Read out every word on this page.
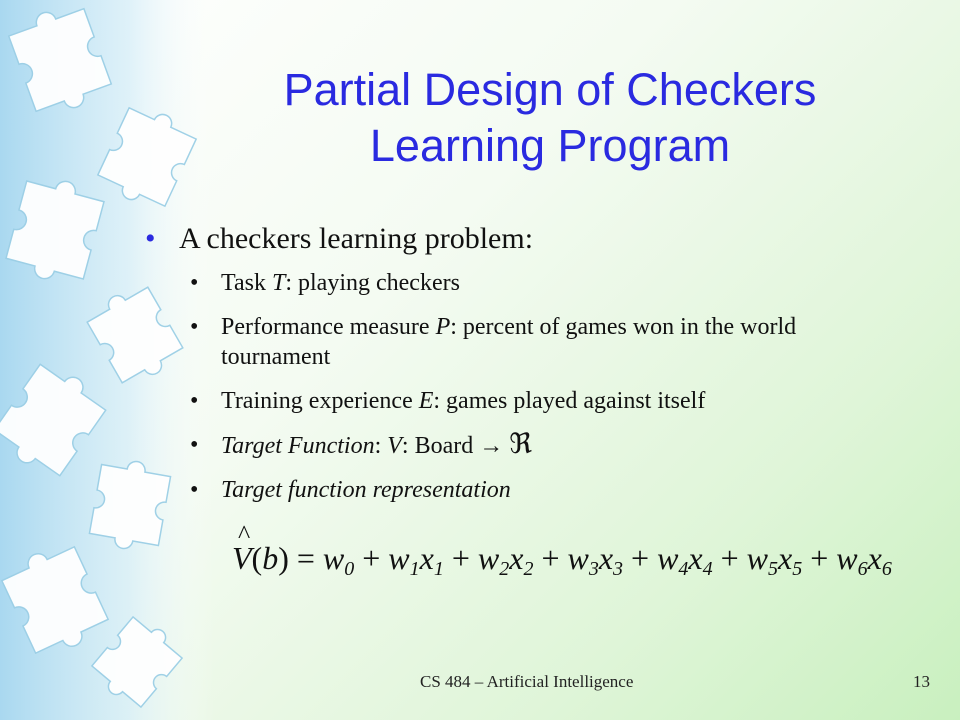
Partial Design of Checkers
Learning Program
• A checkers learning problem:
• Task T: playing checkers
• Performance measure P: percent of games won in the world tournament
• Training experience E: games played against itself
• Target Function: V: Board → ℜ
• Target function representation
^ $V(b) = w_0 + w_1x_1 + w_2x_2 + w_3x_3 + w_4x_4 + w_5x_5 + w_6x_6$
CS 484 – Artificial Intelligence	13
